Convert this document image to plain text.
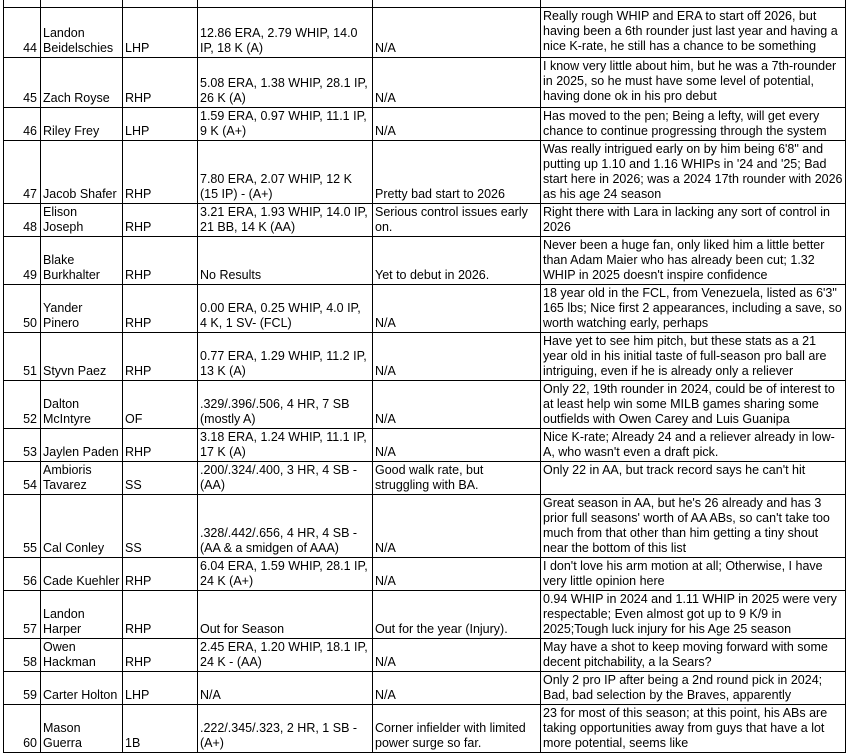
44	Landon Beidelschies	LHP	12.86 ERA, 2.79 WHIP, 14.0 IP, 18 K (A)	N/A	Really rough WHIP and ERA to start off 2026, but having been a 6th rounder just last year and having a nice K-rate, he still has a chance to be something
45	Zach Royse	RHP	5.08 ERA, 1.38 WHIP, 28.1 IP, 26 K (A)	N/A	I know very little about him, but he was a 7th-rounder in 2025, so he must have some level of potential, having done ok in his pro debut
46	Riley Frey	LHP	1.59 ERA, 0.97 WHIP, 11.1 IP, 9 K (A+)	N/A	Has moved to the pen; Being a lefty, will get every chance to continue progressing through the system
47	Jacob Shafer	RHP	7.80 ERA, 2.07 WHIP, 12 K (15 IP) - (A+)	Pretty bad start to 2026	Was really intrigued early on by him being 6'8" and putting up 1.10 and 1.16 WHIPs in '24 and '25; Bad start here in 2026; was a 2024 17th rounder with 2026 as his age 24 season
48	Elison Joseph	RHP	3.21 ERA, 1.93 WHIP, 14.0 IP, 21 BB, 14 K (AA)	Serious control issues early on.	Right there with Lara in lacking any sort of control in 2026
49	Blake Burkhalter	RHP	No Results	Yet to debut in 2026.	Never been a huge fan, only liked him a little better than Adam Maier who has already been cut; 1.32 WHIP in 2025 doesn't inspire confidence
50	Yander Pinero	RHP	0.00 ERA, 0.25 WHIP, 4.0 IP, 4 K, 1 SV- (FCL)	N/A	18 year old in the FCL, from Venezuela, listed as 6'3" 165 lbs; Nice first 2 appearances, including a save, so worth watching early, perhaps
51	Styvn Paez	RHP	0.77 ERA, 1.29 WHIP, 11.2 IP, 13 K (A)	N/A	Have yet to see him pitch, but these stats as a 21 year old in his initial taste of full-season pro ball are intriguing, even if he is already only a reliever
52	Dalton McIntyre	OF	.329/.396/.506, 4 HR, 7 SB (mostly A)	N/A	Only 22, 19th rounder in 2024, could be of interest to at least help win some MILB games sharing some outfields with Owen Carey and Luis Guanipa
53	Jaylen Paden	RHP	3.18 ERA, 1.24 WHIP, 11.1 IP, 17 K (A)	N/A	Nice K-rate; Already 24 and a reliever already in low-A, who wasn't even a draft pick.
54	Ambioris Tavarez	SS	.200/.324/.400, 3 HR, 4 SB - (AA)	Good walk rate, but struggling with BA.	Only 22 in AA, but track record says he can't hit
55	Cal Conley	SS	.328/.442/.656, 4 HR, 4 SB - (AA & a smidgen of AAA)	N/A	Great season in AA, but he's 26 already and has 3 prior full seasons' worth of AA ABs, so can't take too much from that other than him getting a tiny shout near the bottom of this list
56	Cade Kuehler	RHP	6.04 ERA, 1.59 WHIP, 28.1 IP, 24 K (A+)	N/A	I don't love his arm motion at all; Otherwise, I have very little opinion here
57	Landon Harper	RHP	Out for Season	Out for the year (Injury).	0.94 WHIP in 2024 and 1.11 WHIP in 2025 were very respectable; Even almost got up to 9 K/9 in 2025;Tough luck injury for his Age 25 season
58	Owen Hackman	RHP	2.45 ERA, 1.20 WHIP, 18.1 IP, 24 K - (AA)	N/A	May have a shot to keep moving forward with some decent pitchability, a la Sears?
59	Carter Holton	LHP	N/A	N/A	Only 2 pro IP after being a 2nd round pick in 2024; Bad, bad selection by the Braves, apparently
60	Mason Guerra	1B	.222/.345/.323, 2 HR, 1 SB - (A+)	Corner infielder with limited power surge so far.	23 for most of this season; at this point, his ABs are taking opportunities away from guys that have a lot more potential, seems like
